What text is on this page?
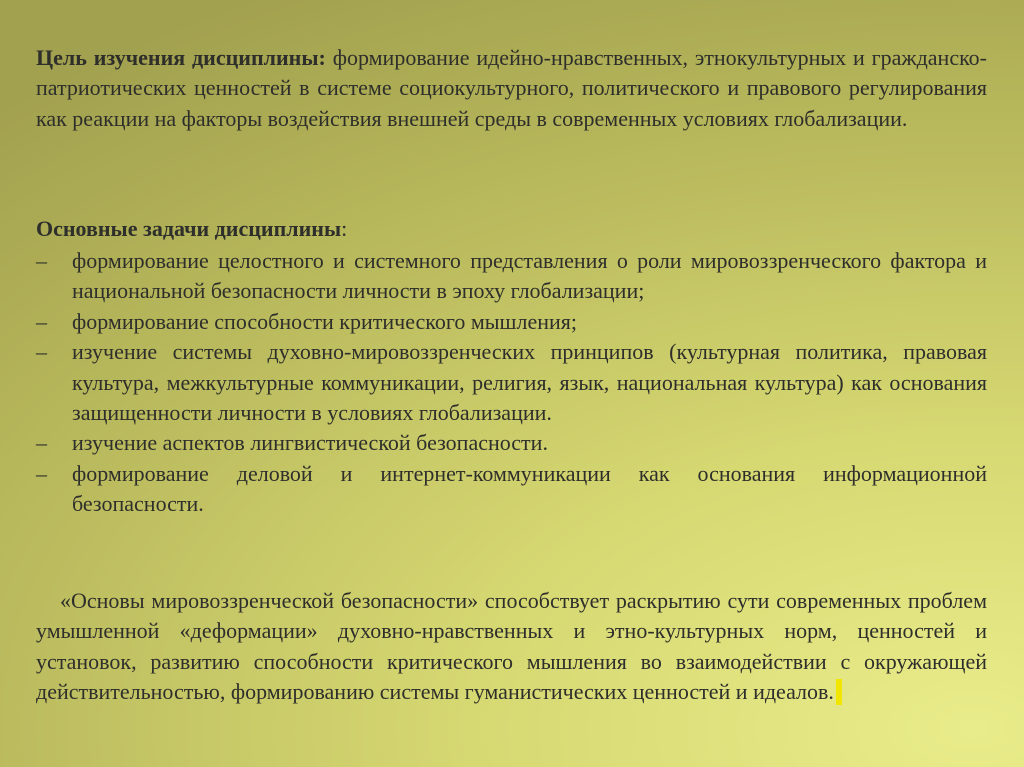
Цель изучения дисциплины: формирование идейно-нравственных, этнокультурных и гражданско-патриотических ценностей в системе социокультурного, политического и правового регулирования как реакции на факторы воздействия внешней среды в современных условиях глобализации.

Основные задачи дисциплины:
–	формирование целостного и системного представления о роли мировоззренческого фактора и национальной безопасности личности в эпоху глобализации;
–	формирование способности критического мышления;
–	изучение системы духовно-мировоззренческих принципов (культурная политика, правовая культура, межкультурные коммуникации, религия, язык, национальная культура) как основания защищенности личности в условиях глобализации.
–	изучение аспектов лингвистической безопасности.
–	формирование деловой и интернет-коммуникации как основания информационной безопасности.

«Основы мировоззренческой безопасности» способствует раскрытию сути современных проблем умышленной «деформации» духовно-нравственных и этно-культурных норм, ценностей и установок, развитию способности критического мышления во взаимодействии с окружающей действительностью, формированию системы гуманистических ценностей и идеалов.
